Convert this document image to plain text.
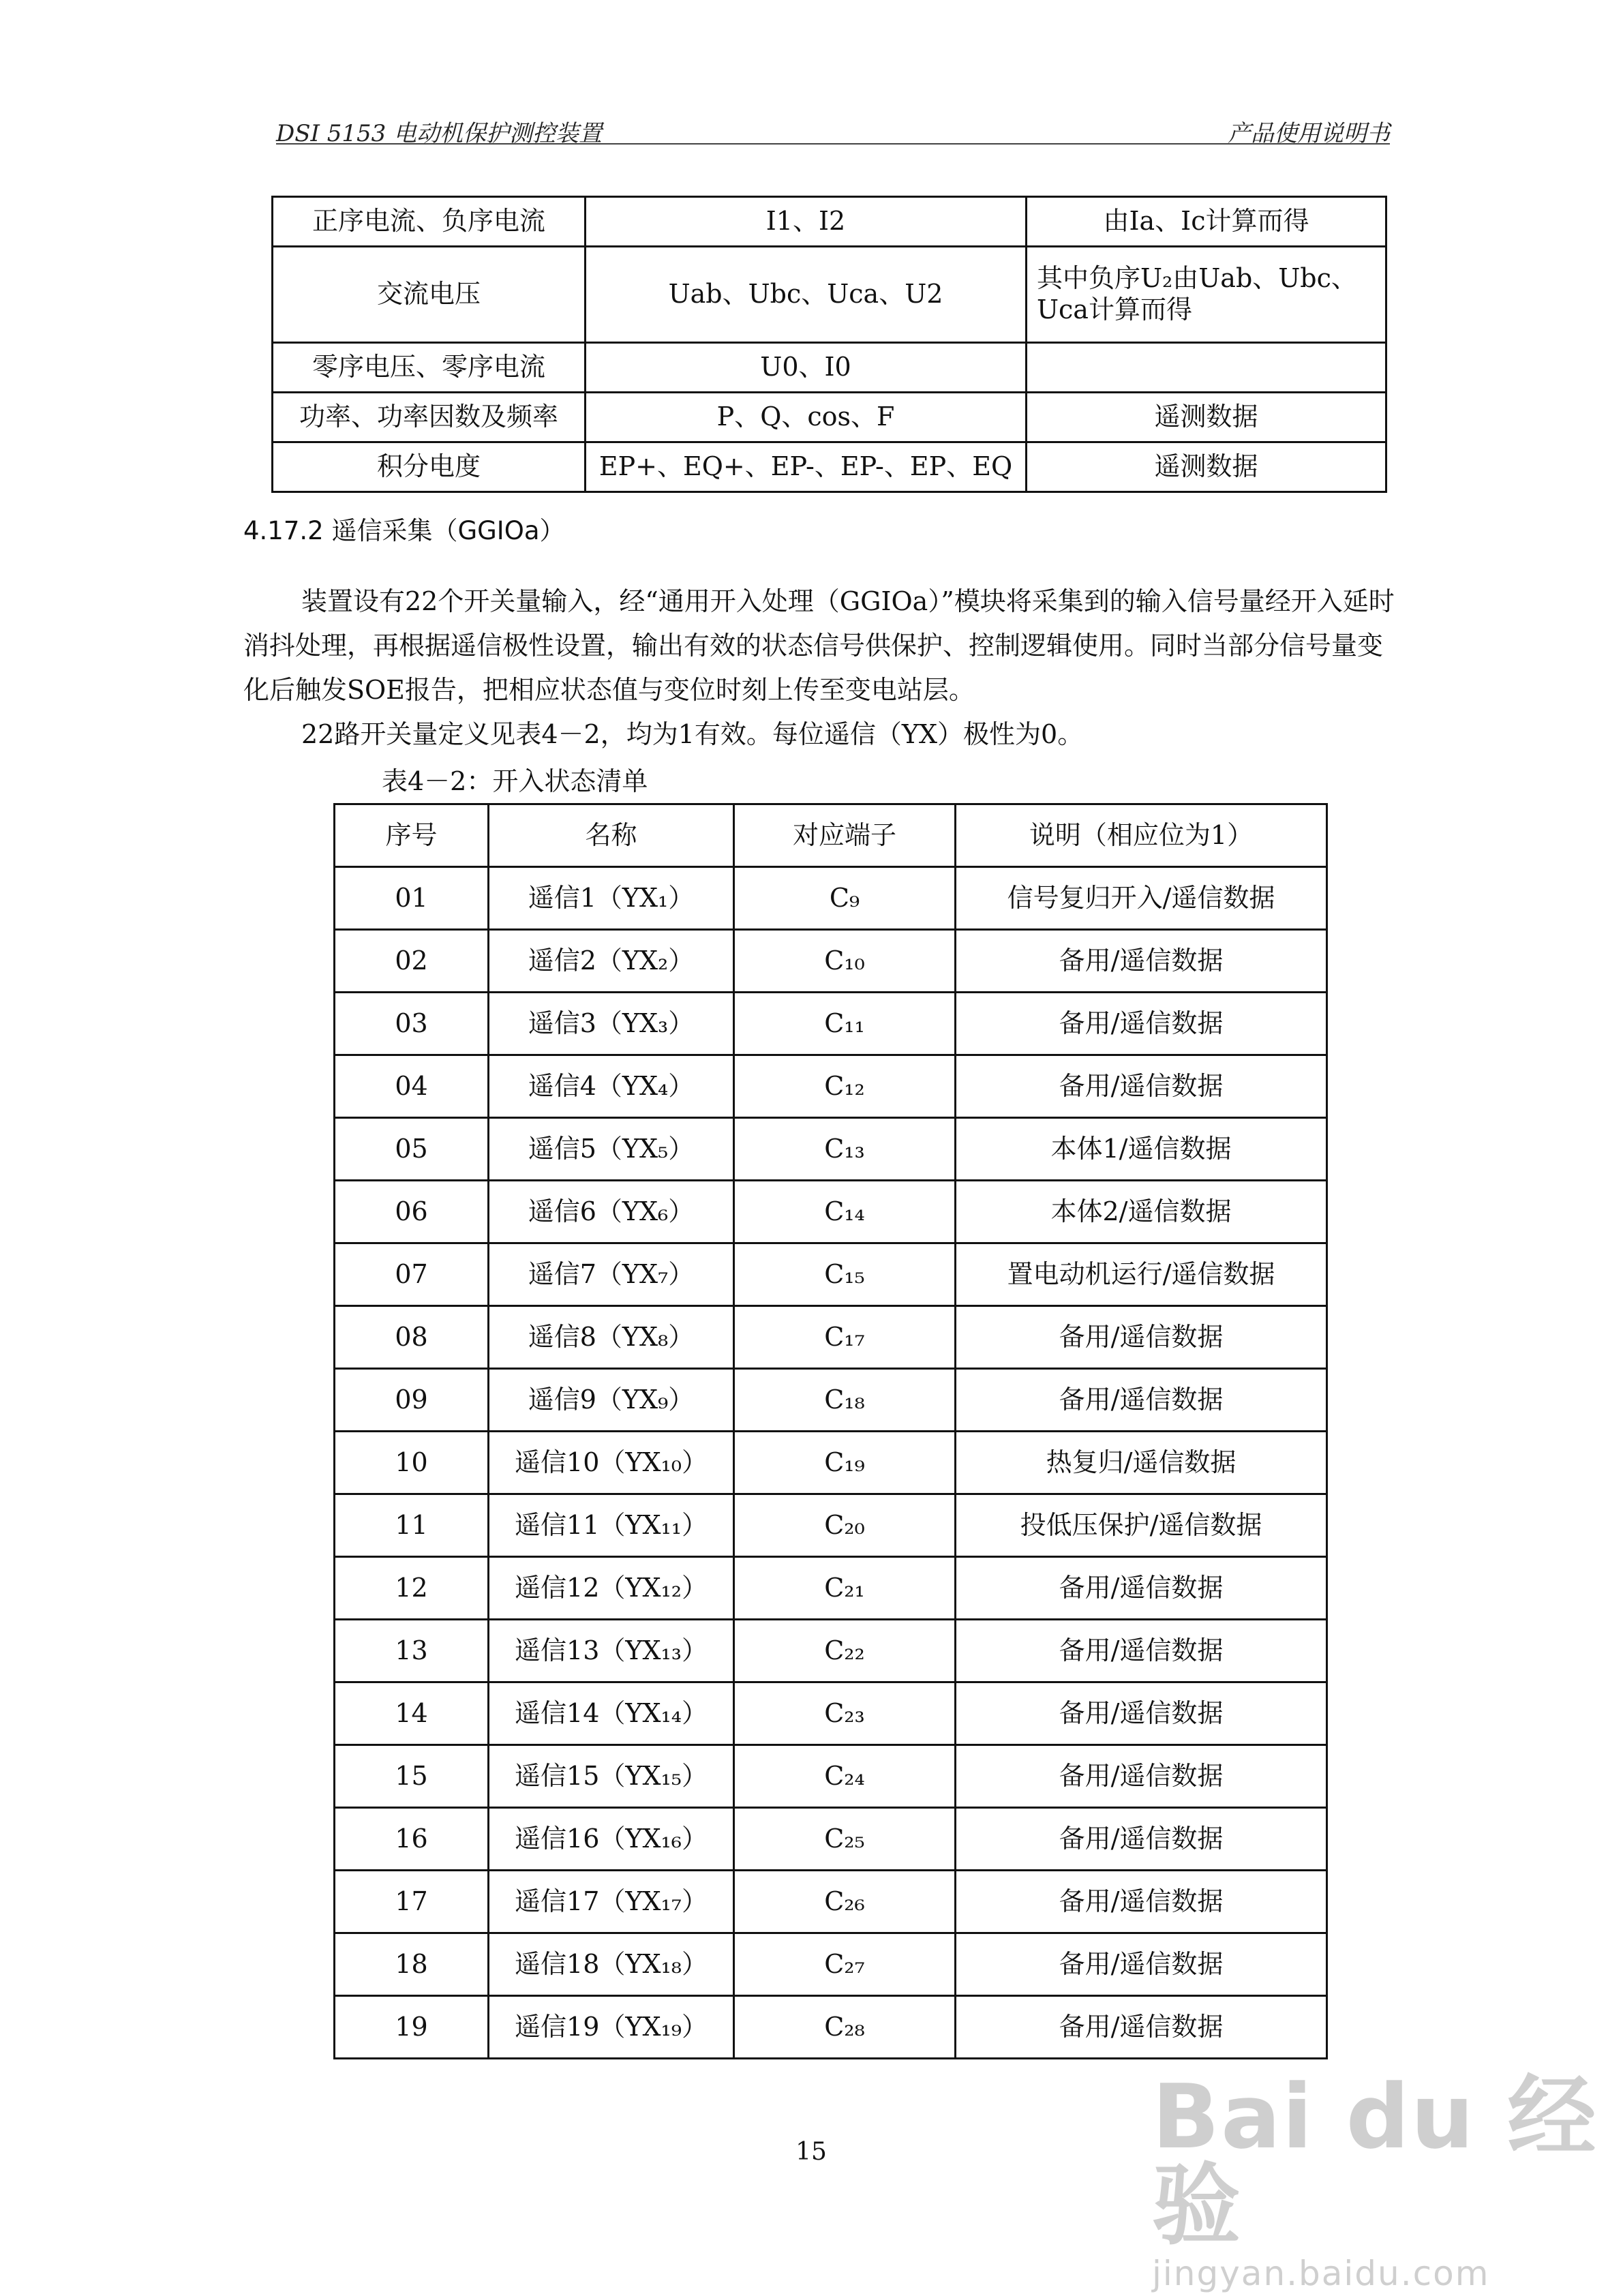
DSI 5153 电动机保护测控装置	产品使用说明书
正序电流、负序电流	I1、I2	由Ia、Ic计算而得
交流电压	Uab、Ubc、Uca、U2	其中负序U₂由Uab、Ubc、Uca计算而得
零序电压、零序电流	U0、I0	
功率、功率因数及频率	P、Q、cos、F	遥测数据
积分电度	EP+、EQ+、EP-、EP-、EP、EQ	遥测数据
4.17.2 遥信采集（GGIOa）
装置设有22个开关量输入，经“通用开入处理（GGIOa）”模块将采集到的输入信号量经开入延时消抖处理，再根据遥信极性设置，输出有效的状态信号供保护、控制逻辑使用。同时当部分信号量变化后触发SOE报告，把相应状态值与变位时刻上传至变电站层。
22路开关量定义见表4－2，均为1有效。每位遥信（YX）极性为0。
表4－2：开入状态清单
序号	名称	对应端子	说明（相应位为1）
01	遥信1（YX₁）	C₉	信号复归开入/遥信数据
02	遥信2（YX₂）	C₁₀	备用/遥信数据
03	遥信3（YX₃）	C₁₁	备用/遥信数据
04	遥信4（YX₄）	C₁₂	备用/遥信数据
05	遥信5（YX₅）	C₁₃	本体1/遥信数据
06	遥信6（YX₆）	C₁₄	本体2/遥信数据
07	遥信7（YX₇）	C₁₅	置电动机运行/遥信数据
08	遥信8（YX₈）	C₁₇	备用/遥信数据
09	遥信9（YX₉）	C₁₈	备用/遥信数据
10	遥信10（YX₁₀）	C₁₉	热复归/遥信数据
11	遥信11（YX₁₁）	C₂₀	投低压保护/遥信数据
12	遥信12（YX₁₂）	C₂₁	备用/遥信数据
13	遥信13（YX₁₃）	C₂₂	备用/遥信数据
14	遥信14（YX₁₄）	C₂₃	备用/遥信数据
15	遥信15（YX₁₅）	C₂₄	备用/遥信数据
16	遥信16（YX₁₆）	C₂₅	备用/遥信数据
17	遥信17（YX₁₇）	C₂₆	备用/遥信数据
18	遥信18（YX₁₈）	C₂₇	备用/遥信数据
19	遥信19（YX₁₉）	C₂₈	备用/遥信数据
15	Bai du 经验
jingyan.baidu.com
